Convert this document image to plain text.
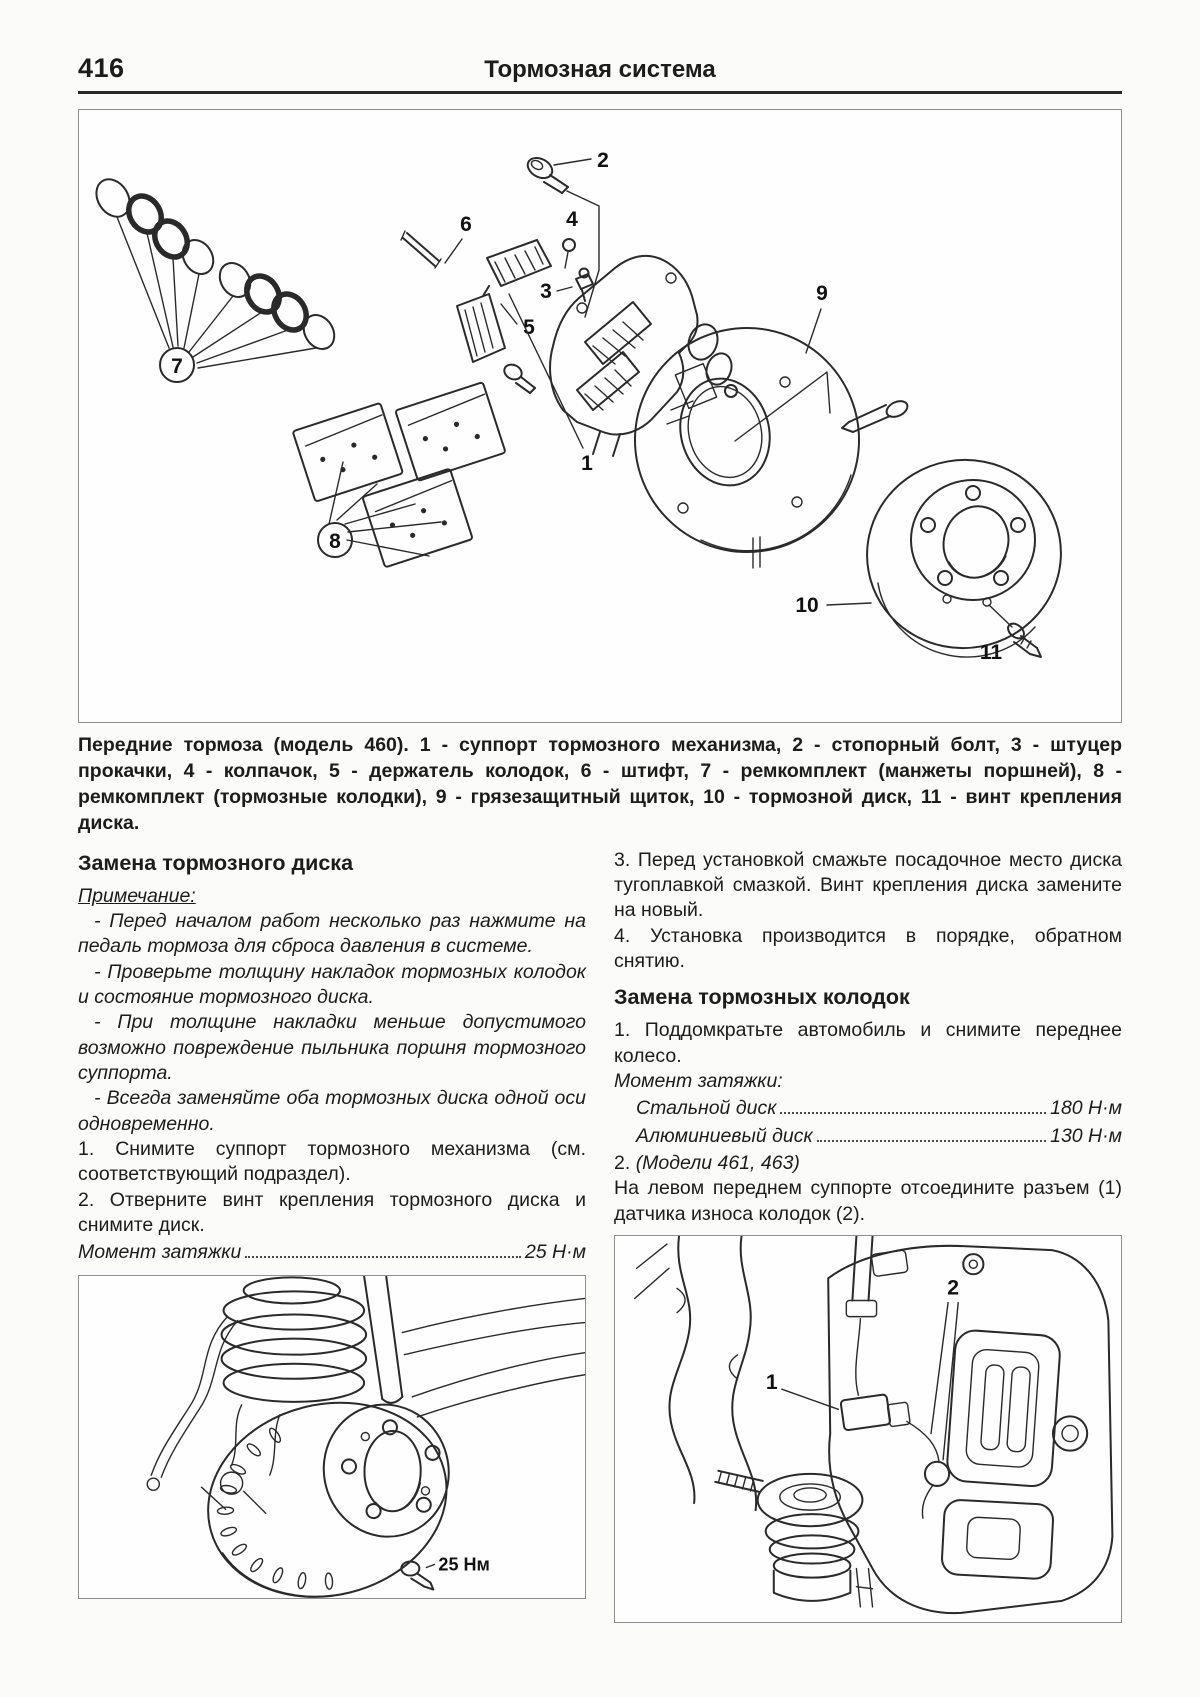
416	Тормозная система
7
8
6
5
2
4
3
1
9
10
11

Передние тормоза (модель 460). 1 - суппорт тормозного механизма, 2 - стопорный болт, 3 - штуцер прокачки, 4 - колпачок, 5 - держатель колодок, 6 - штифт, 7 - ремкомплект (манжеты поршней), 8 - ремкомплект (тормозные колодки), 9 - грязезащитный щиток, 10 - тормозной диск, 11 - винт крепления диска.

Замена тормозного диска

Примечание:

- Перед началом работ несколько раз нажмите на педаль тормоза для сброса давления в системе.

- Проверьте толщину накладок тормозных колодок и состояние тормозного диска.

- При толщине накладки меньше допустимого возможно повреждение пыльника поршня тормозного суппорта.

- Всегда заменяйте оба тормозных диска одной оси одновременно.

1. Снимите суппорт тормозного механизма (см. соответствующий подраздел).

2. Отверните винт крепления тормозного диска и снимите диск.

Момент затяжки	25 Н·м
25 Нм

3. Перед установкой смажьте посадочное место диска тугоплавкой смазкой. Винт крепления диска замените на новый.

4. Установка производится в порядке, обратном снятию.

Замена тормозных колодок

1. Поддомкратьте автомобиль и снимите переднее колесо.

Момент затяжки:

Стальной диск	180 Н·м
Алюминиевый диск	130 Н·м

2. (Модели 461, 463)

На левом переднем суппорте отсоедините разъем (1) датчика износа колодок (2).

1
2
